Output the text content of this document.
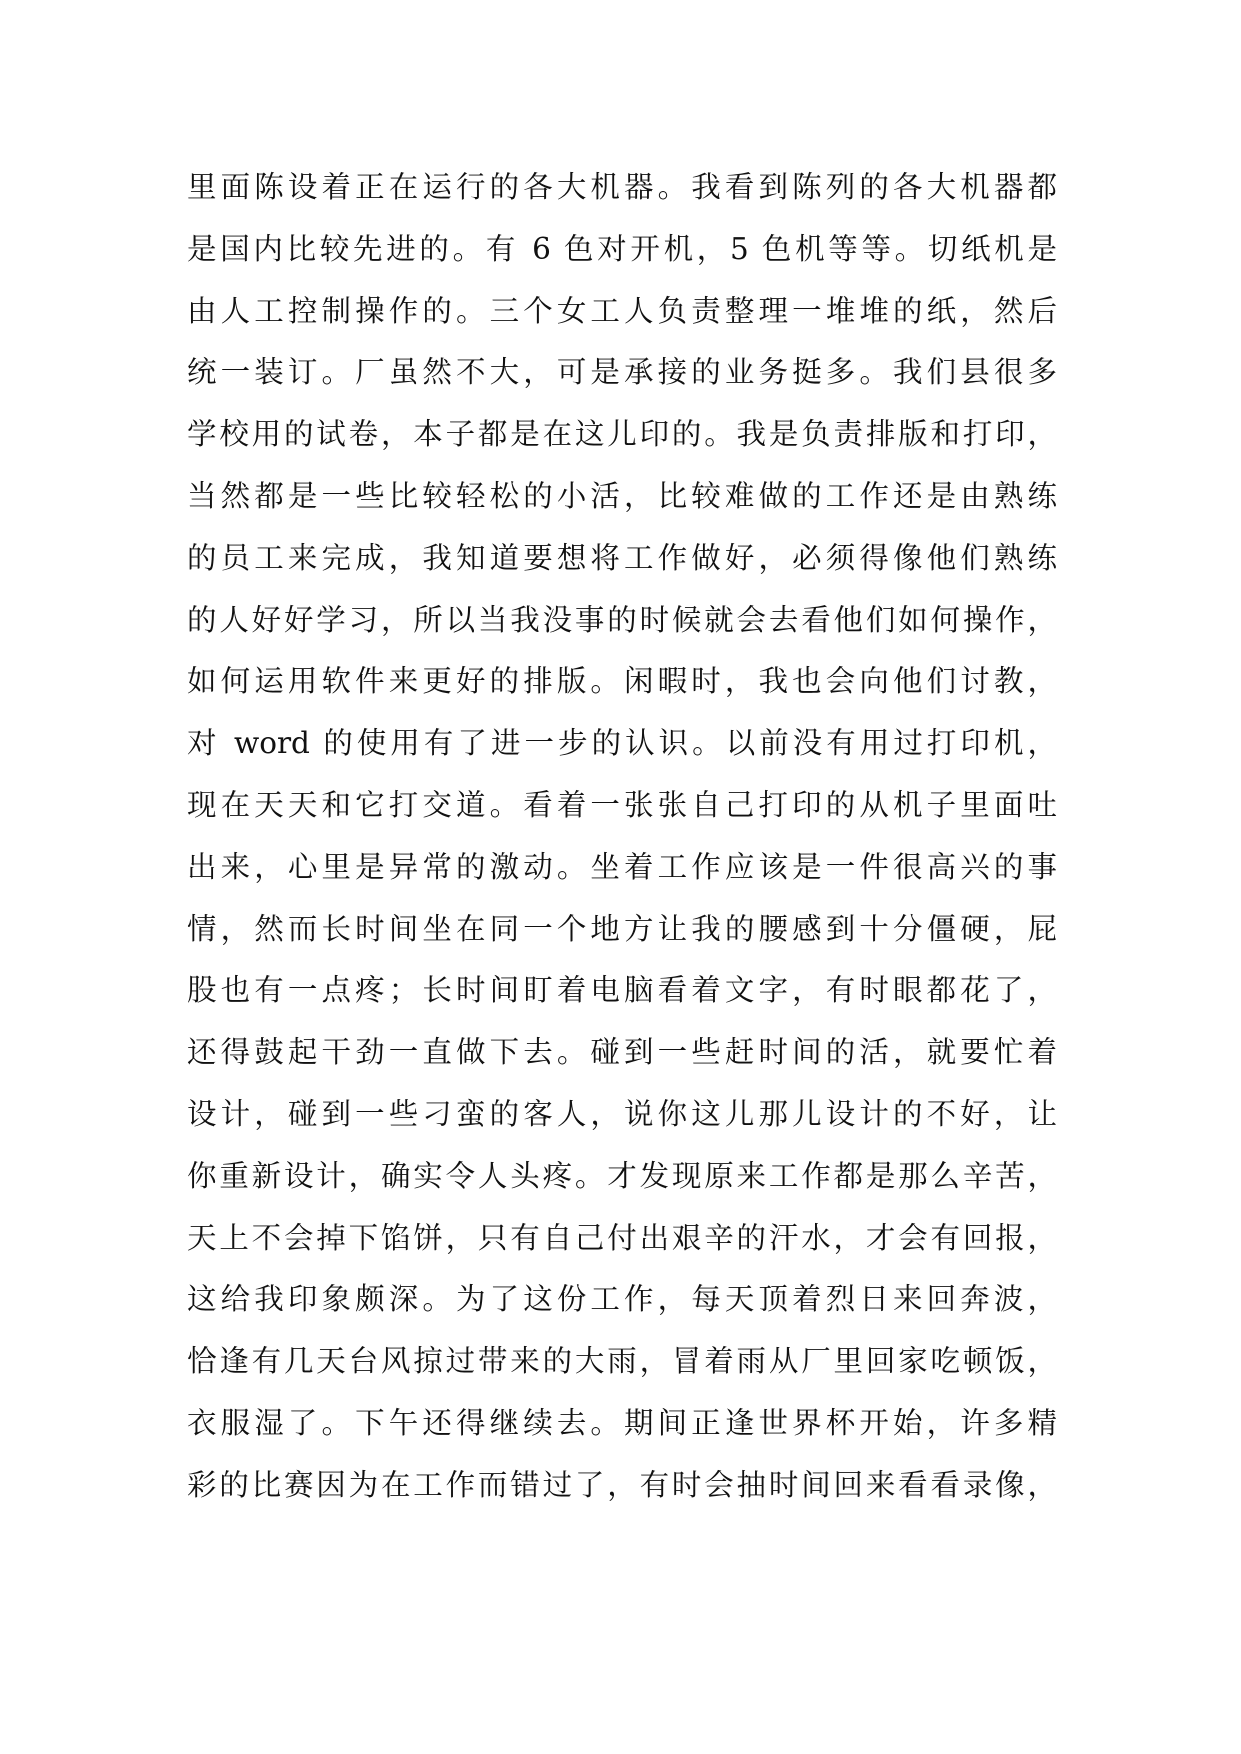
里面陈设着正在运行的各大机器。我看到陈列的各大机器都
是国内比较先进的。有 6 色对开机，5 色机等等。切纸机是
由人工控制操作的。三个女工人负责整理一堆堆的纸，然后
统一装订。厂虽然不大，可是承接的业务挺多。我们县很多
学校用的试卷，本子都是在这儿印的。我是负责排版和打印，
当然都是一些比较轻松的小活，比较难做的工作还是由熟练
的员工来完成，我知道要想将工作做好，必须得像他们熟练
的人好好学习，所以当我没事的时候就会去看他们如何操作，
如何运用软件来更好的排版。闲暇时，我也会向他们讨教，
对 word 的使用有了进一步的认识。以前没有用过打印机，
现在天天和它打交道。看着一张张自己打印的从机子里面吐
出来，心里是异常的激动。坐着工作应该是一件很高兴的事
情，然而长时间坐在同一个地方让我的腰感到十分僵硬，屁
股也有一点疼；长时间盯着电脑看着文字，有时眼都花了，
还得鼓起干劲一直做下去。碰到一些赶时间的活，就要忙着
设计，碰到一些刁蛮的客人，说你这儿那儿设计的不好，让
你重新设计，确实令人头疼。才发现原来工作都是那么辛苦，
天上不会掉下馅饼，只有自己付出艰辛的汗水，才会有回报，
这给我印象颇深。为了这份工作，每天顶着烈日来回奔波，
恰逢有几天台风掠过带来的大雨，冒着雨从厂里回家吃顿饭，
衣服湿了。下午还得继续去。期间正逢世界杯开始，许多精
彩的比赛因为在工作而错过了，有时会抽时间回来看看录像，
